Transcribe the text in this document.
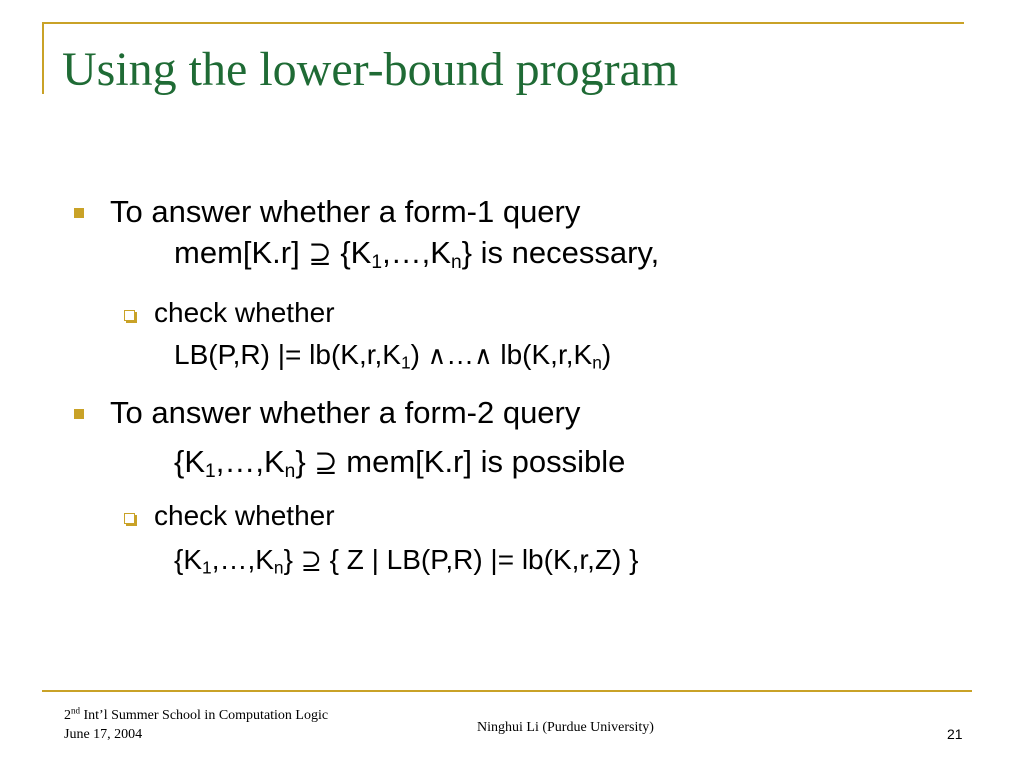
Using the lower-bound program
To answer whether a form-1 query
mem[K.r] ⊇ $\{K_1,\dots,K_n\}$ is necessary,
check whether
LB(P,R) |= $lb(K,r,K_1)$ ∧…∧ $lb(K,r,K_n)$
To answer whether a form-2 query
$\{K_1,\dots,K_n\}$ ⊇ mem[K.r] is possible
check whether
$\{K_1,\dots,K_n\}$ ⊇ { Z | LB(P,R) |= lb(K,r,Z) }
2nd Int’l Summer School in Computation Logic
June 17, 2004	Ninghui Li (Purdue University)	21
